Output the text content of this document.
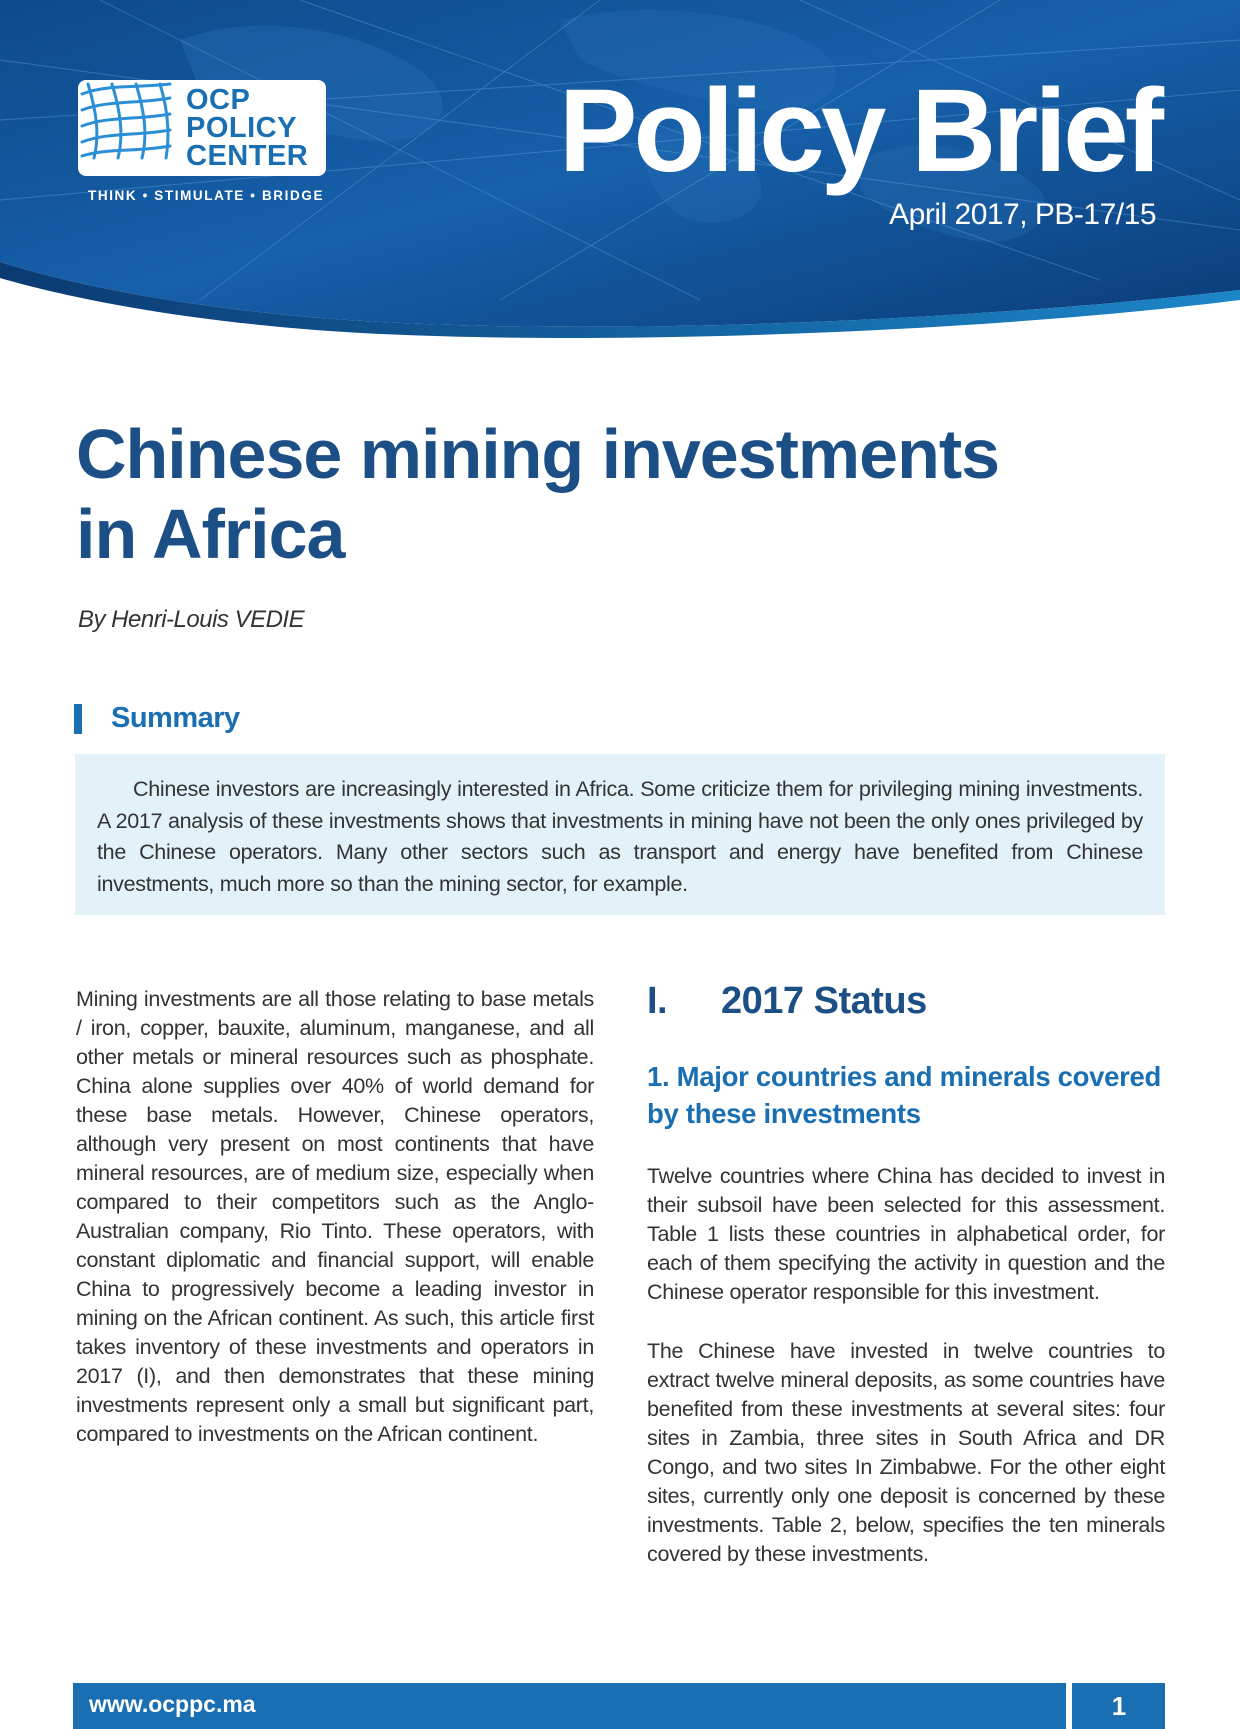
OCP
POLICY
CENTER
THINK • STIMULATE • BRIDGE Policy Brief
April 2017, PB-17/15
Chinese mining investments
in Africa
By Henri-Louis VEDIE
Summary

Chinese investors are increasingly interested in Africa. Some criticize them for privileging mining investments. A 2017 analysis of these investments shows that investments in mining have not been the only ones privileged by the Chinese operators. Many other sectors such as transport and energy have benefited from Chinese investments, much more so than the mining sector, for example.

Mining investments are all those relating to base metals / iron, copper, bauxite, aluminum, manganese, and all other metals or mineral resources such as phosphate. China alone supplies over 40% of world demand for these base metals. However, Chinese operators, although very present on most continents that have mineral resources, are of medium size, especially when compared to their competitors such as the Anglo-Australian company, Rio Tinto. These operators, with constant diplomatic and financial support, will enable China to progressively become a leading investor in mining on the African continent. As such, this article first takes inventory of these investments and operators in 2017 (I), and then demonstrates that these mining investments represent only a small but significant part, compared to investments on the African continent.

I. 2017 Status
1. Major countries and minerals covered
by these investments

Twelve countries where China has decided to invest in their subsoil have been selected for this assessment. Table 1 lists these countries in alphabetical order, for each of them specifying the activity in question and the Chinese operator responsible for this investment.

The Chinese have invested in twelve countries to extract twelve mineral deposits, as some countries have benefited from these investments at several sites: four sites in Zambia, three sites in South Africa and DR Congo, and two sites In Zimbabwe. For the other eight sites, currently only one deposit is concerned by these investments. Table 2, below, specifies the ten minerals covered by these investments.

www.ocppc.ma	1
